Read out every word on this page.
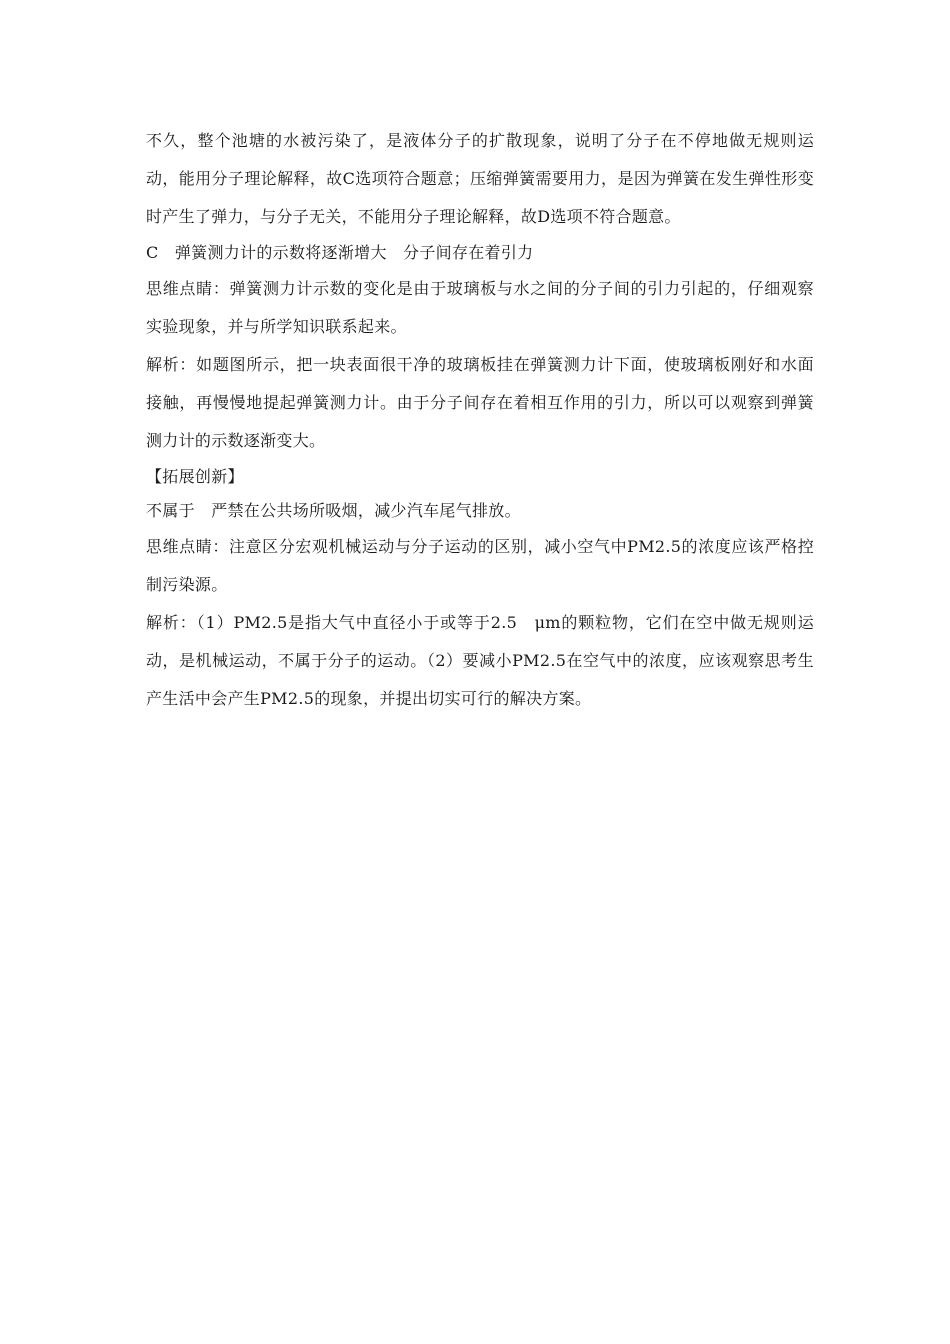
不久，整个池塘的水被污染了，是液体分子的扩散现象，说明了分子在不停地做无规则运动，能用分子理论解释，故C选项符合题意；压缩弹簧需要用力，是因为弹簧在发生弹性形变时产生了弹力，与分子无关，不能用分子理论解释，故D选项不符合题意。

C　弹簧测力计的示数将逐渐增大　分子间存在着引力

思维点睛：弹簧测力计示数的变化是由于玻璃板与水之间的分子间的引力引起的，仔细观察实验现象，并与所学知识联系起来。

解析：如题图所示，把一块表面很干净的玻璃板挂在弹簧测力计下面，使玻璃板刚好和水面接触，再慢慢地提起弹簧测力计。由于分子间存在着相互作用的引力，所以可以观察到弹簧测力计的示数逐渐变大。

【拓展创新】

不属于　严禁在公共场所吸烟，减少汽车尾气排放。

思维点睛：注意区分宏观机械运动与分子运动的区别，减小空气中PM2.5的浓度应该严格控制污染源。

解析：（1）PM2.5是指大气中直径小于或等于2.5　μm的颗粒物，它们在空中做无规则运动，是机械运动，不属于分子的运动。（2）要减小PM2.5在空气中的浓度，应该观察思考生产生活中会产生PM2.5的现象，并提出切实可行的解决方案。
